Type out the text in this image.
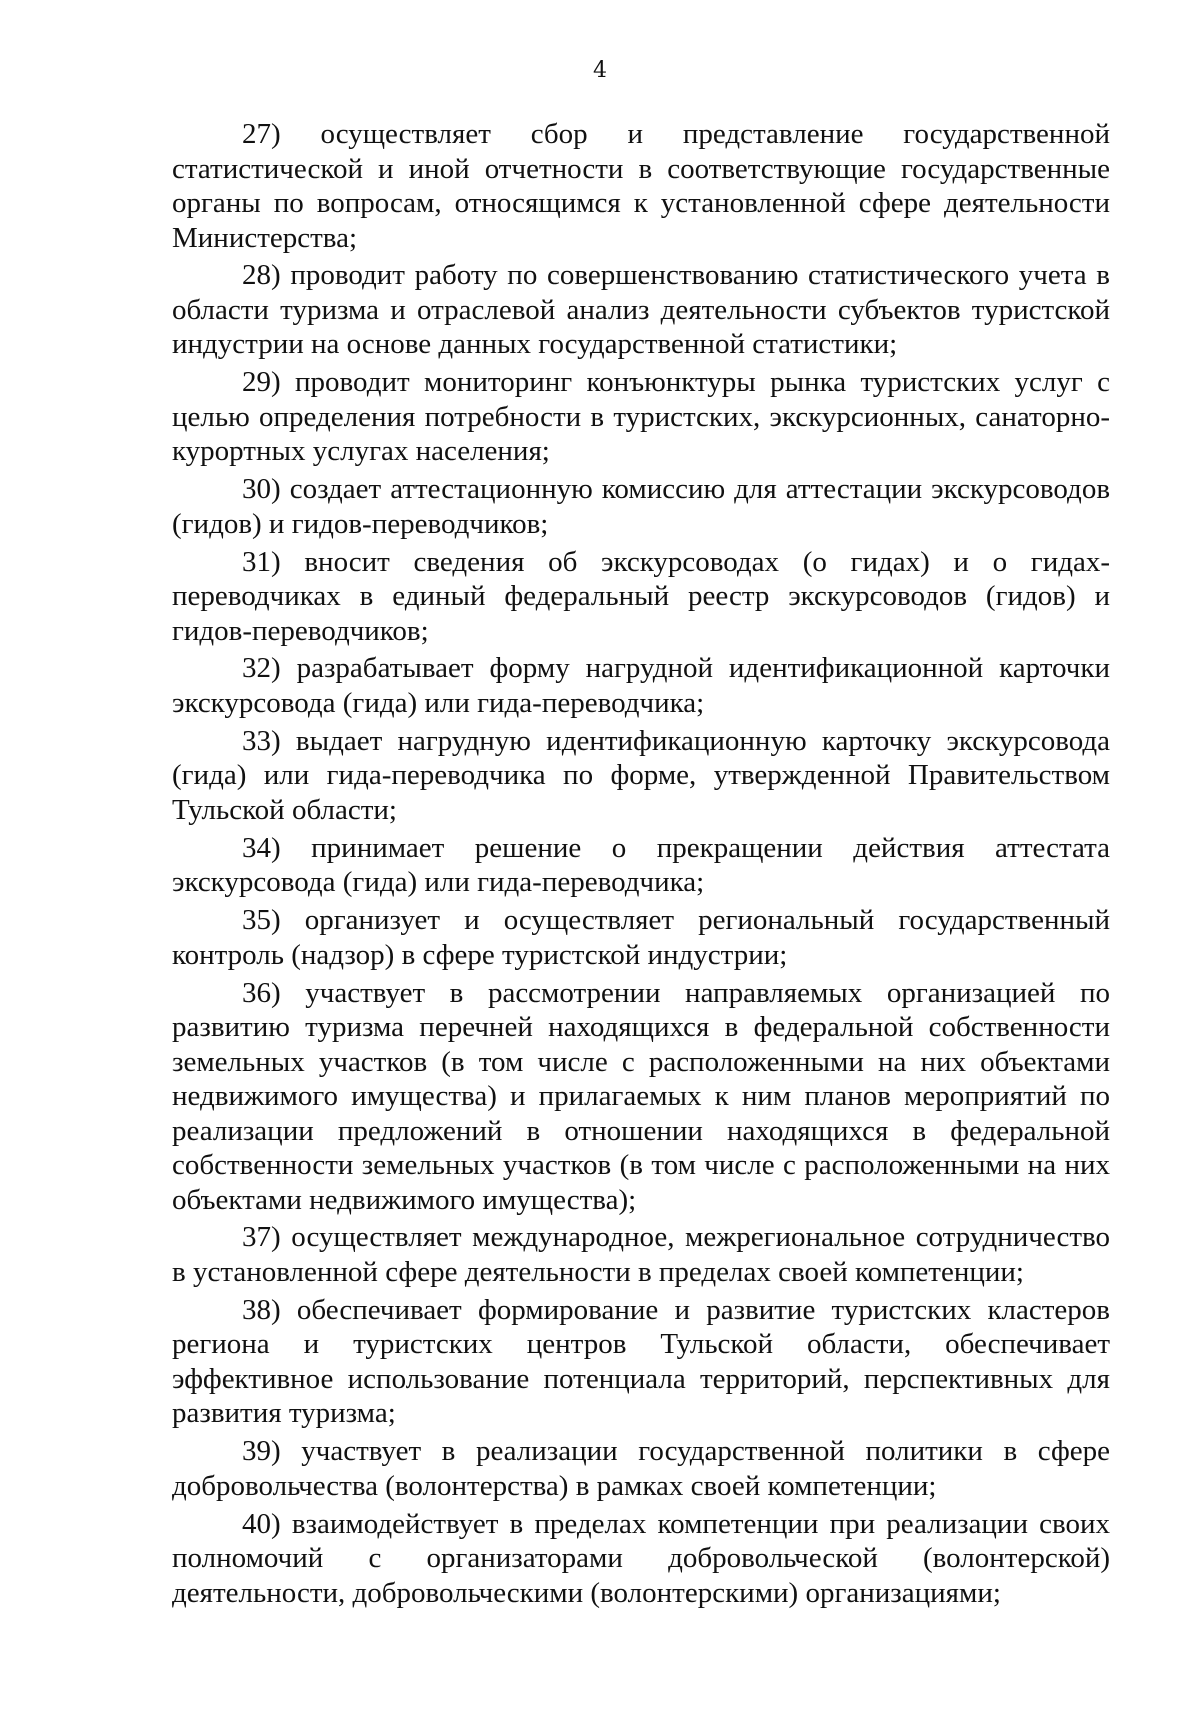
4

27) осуществляет сбор и представление государственной статистической и иной отчетности в соответствующие государственные органы по вопросам, относящимся к установленной сфере деятельности Министерства;

28) проводит работу по совершенствованию статистического учета в области туризма и отраслевой анализ деятельности субъектов туристской индустрии на основе данных государственной статистики;

29) проводит мониторинг конъюнктуры рынка туристских услуг с целью определения потребности в туристских, экскурсионных, санаторно-курортных услугах населения;

30) создает аттестационную комиссию для аттестации экскурсоводов (гидов) и гидов-переводчиков;

31) вносит сведения об экскурсоводах (о гидах) и о гидах-переводчиках в единый федеральный реестр экскурсоводов (гидов) и гидов-переводчиков;

32) разрабатывает форму нагрудной идентификационной карточки экскурсовода (гида) или гида-переводчика;

33) выдает нагрудную идентификационную карточку экскурсовода (гида) или гида-переводчика по форме, утвержденной Правительством Тульской области;

34) принимает решение о прекращении действия аттестата экскурсовода (гида) или гида-переводчика;

35) организует и осуществляет региональный государственный контроль (надзор) в сфере туристской индустрии;

36) участвует в рассмотрении направляемых организацией по развитию туризма перечней находящихся в федеральной собственности земельных участков (в том числе с расположенными на них объектами недвижимого имущества) и прилагаемых к ним планов мероприятий по реализации предложений в отношении находящихся в федеральной собственности земельных участков (в том числе с расположенными на них объектами недвижимого имущества);

37) осуществляет международное, межрегиональное сотрудничество в установленной сфере деятельности в пределах своей компетенции;

38) обеспечивает формирование и развитие туристских кластеров региона и туристских центров Тульской области, обеспечивает эффективное использование потенциала территорий, перспективных для развития туризма;

39) участвует в реализации государственной политики в сфере добровольчества (волонтерства) в рамках своей компетенции;

40) взаимодействует в пределах компетенции при реализации своих полномочий с организаторами добровольческой (волонтерской) деятельности, добровольческими (волонтерскими) организациями;
